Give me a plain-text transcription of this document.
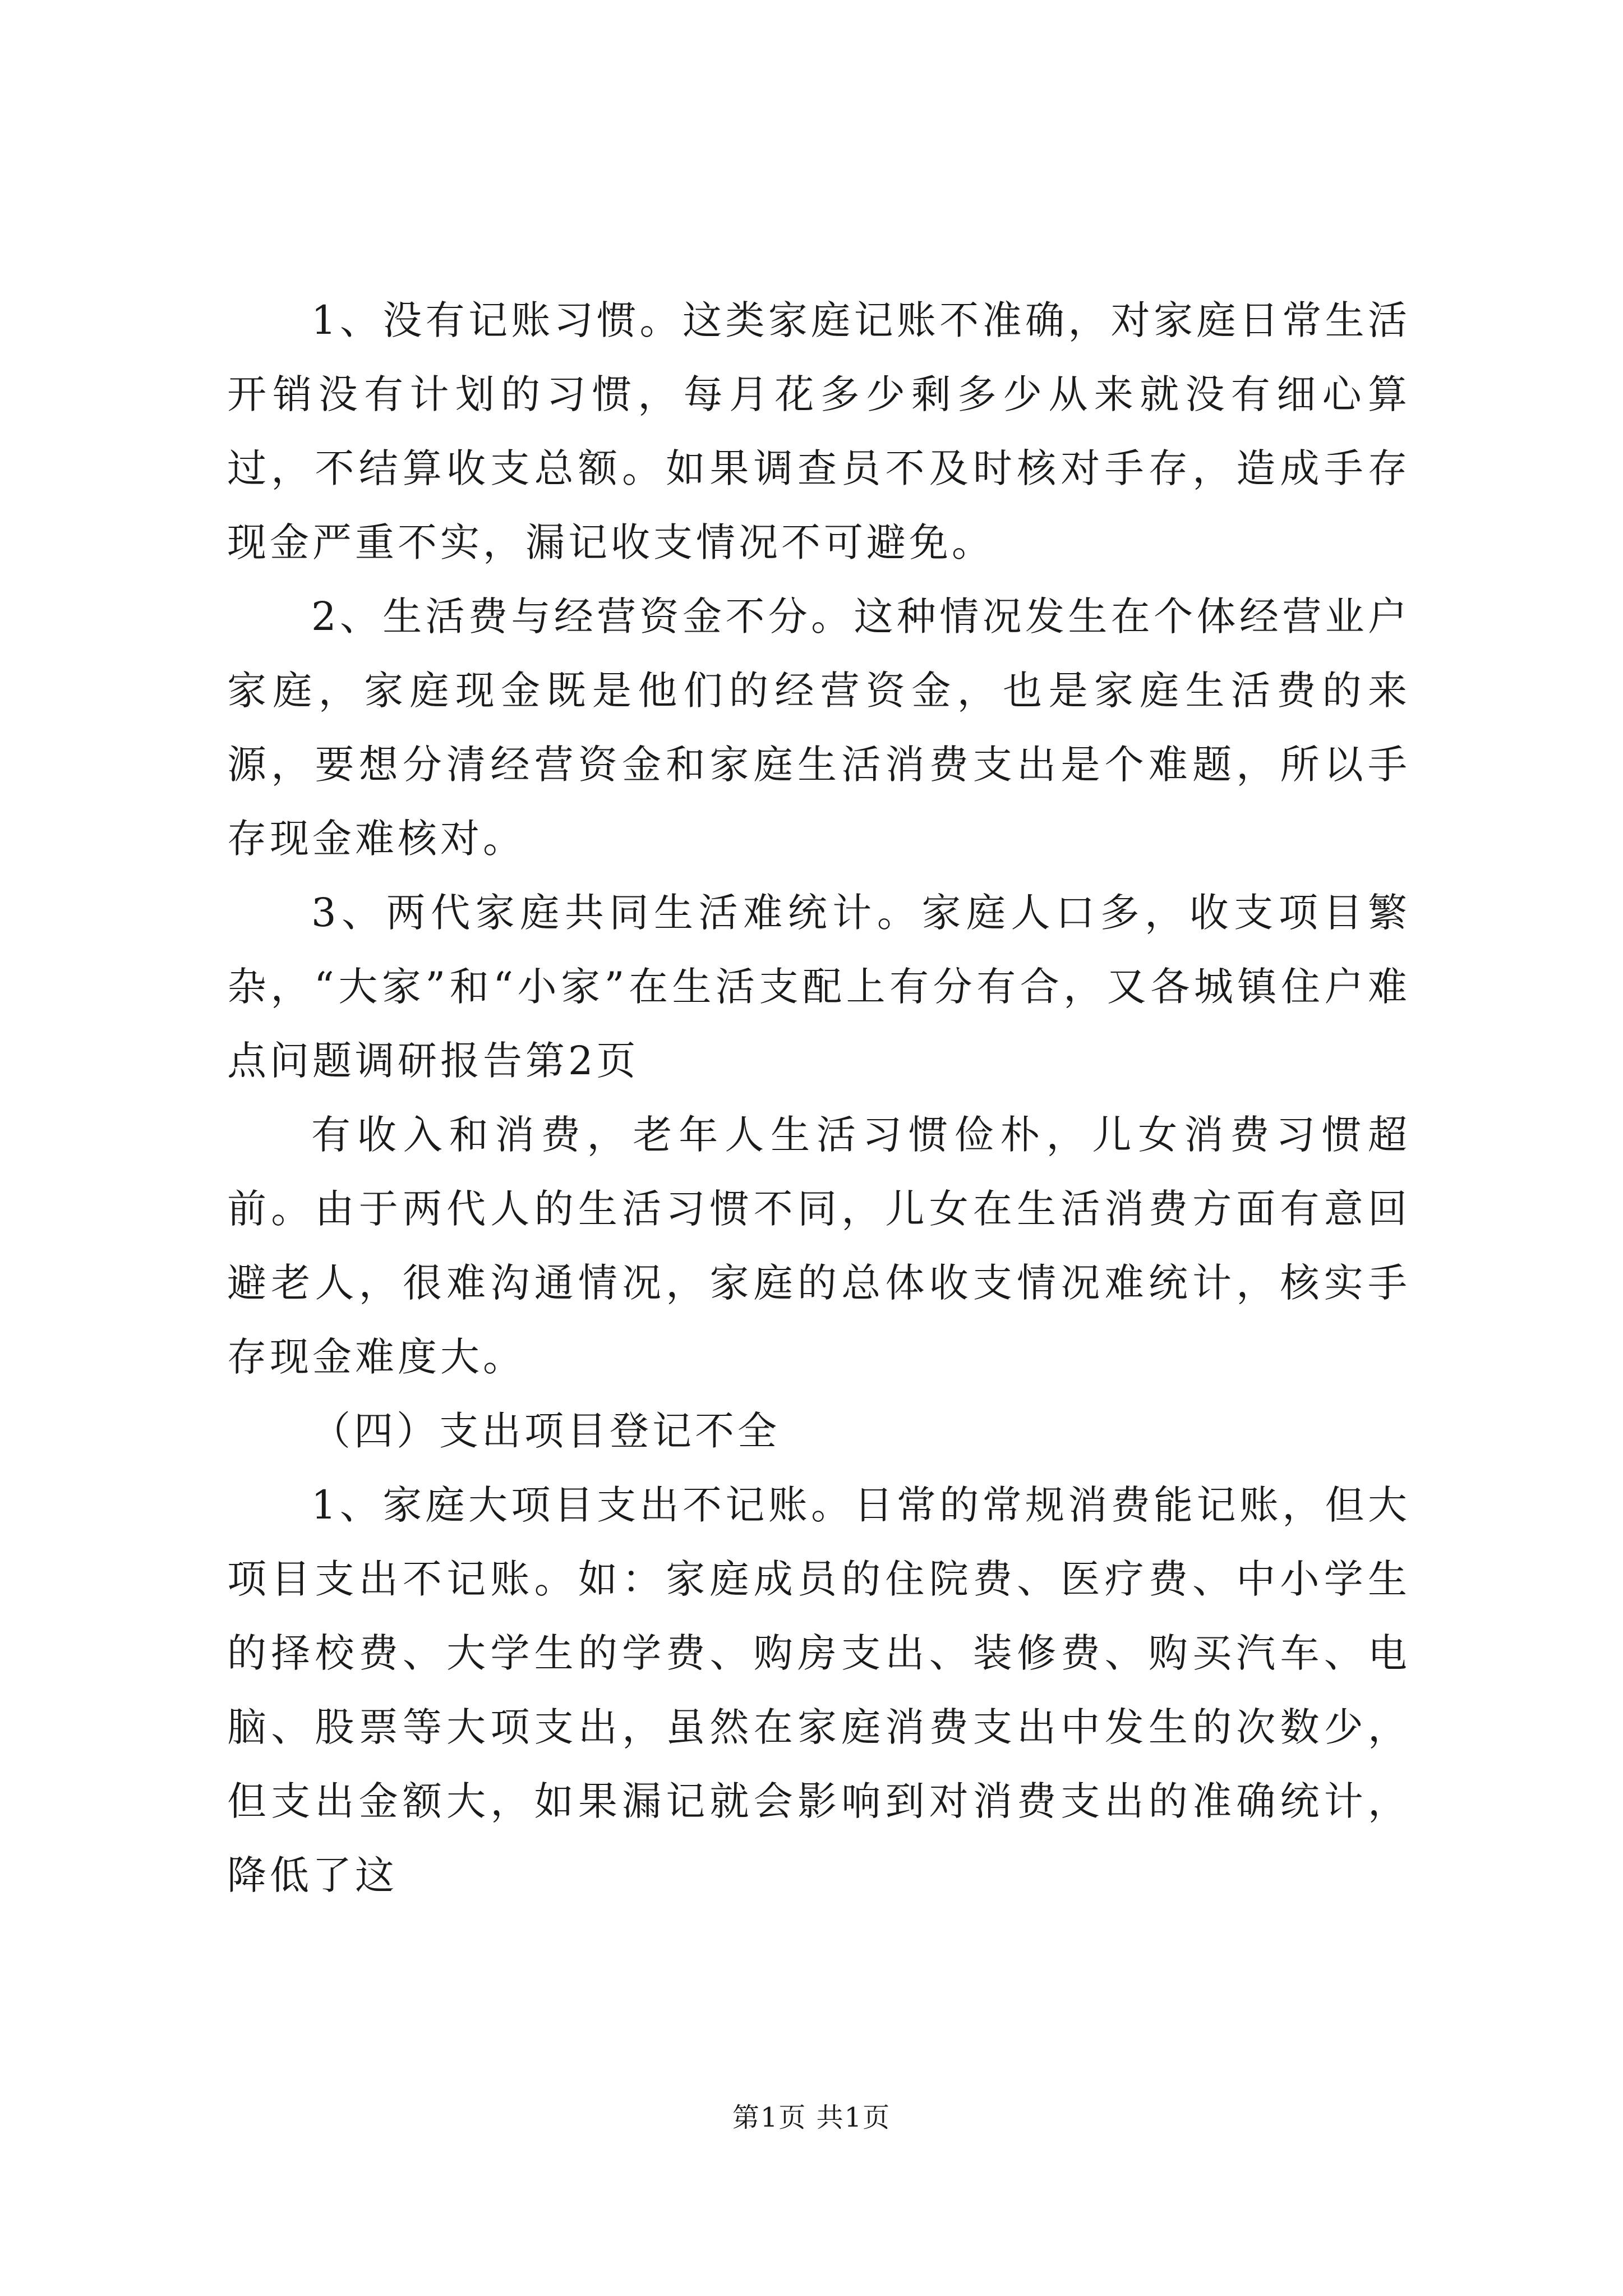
1、没有记账习惯。这类家庭记账不准确，对家庭日常生活开销没有计划的习惯，每月花多少剩多少从来就没有细心算过，不结算收支总额。如果调查员不及时核对手存，造成手存现金严重不实，漏记收支情况不可避免。

2、生活费与经营资金不分。这种情况发生在个体经营业户家庭，家庭现金既是他们的经营资金，也是家庭生活费的来源，要想分清经营资金和家庭生活消费支出是个难题，所以手存现金难核对。

3、两代家庭共同生活难统计。家庭人口多，收支项目繁杂，“大家”和“小家”在生活支配上有分有合，又各城镇住户难点问题调研报告第2页

有收入和消费，老年人生活习惯俭朴，儿女消费习惯超前。由于两代人的生活习惯不同，儿女在生活消费方面有意回避老人，很难沟通情况，家庭的总体收支情况难统计，核实手存现金难度大。

（四）支出项目登记不全

1、家庭大项目支出不记账。日常的常规消费能记账，但大项目支出不记账。如：家庭成员的住院费、医疗费、中小学生的择校费、大学生的学费、购房支出、装修费、购买汽车、电脑、股票等大项支出，虽然在家庭消费支出中发生的次数少，但支出金额大，如果漏记就会影响到对消费支出的准确统计，降低了这

第1页 共1页
